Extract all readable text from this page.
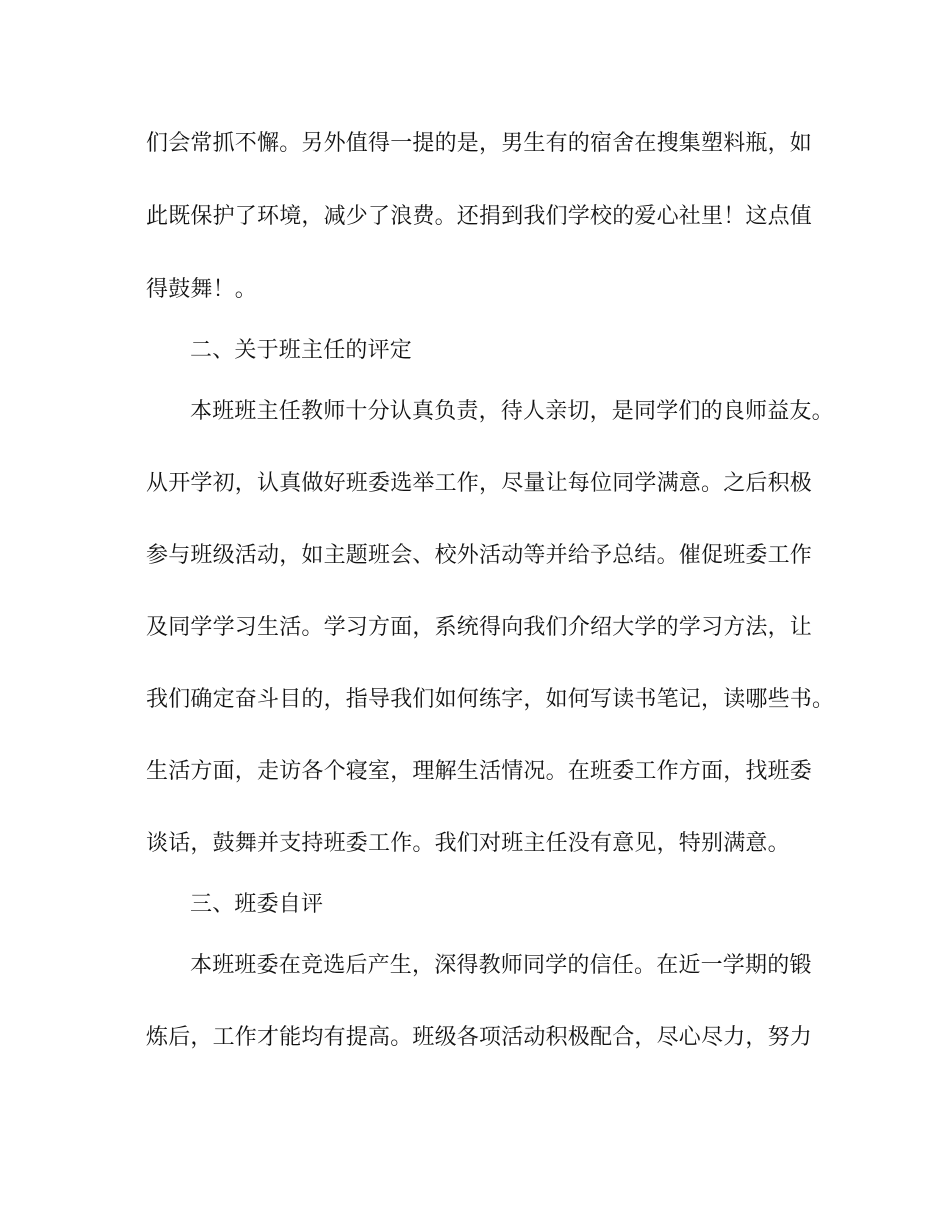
们会常抓不懈。另外值得一提的是，男生有的宿舍在搜集塑料瓶，如
此既保护了环境，减少了浪费。还捐到我们学校的爱心社里！这点值
得鼓舞！。
二、关于班主任的评定
本班班主任教师十分认真负责，待人亲切，是同学们的良师益友。
从开学初，认真做好班委选举工作，尽量让每位同学满意。之后积极
参与班级活动，如主题班会、校外活动等并给予总结。催促班委工作
及同学学习生活。学习方面，系统得向我们介绍大学的学习方法，让
我们确定奋斗目的，指导我们如何练字，如何写读书笔记，读哪些书。
生活方面，走访各个寝室，理解生活情况。在班委工作方面，找班委
谈话，鼓舞并支持班委工作。我们对班主任没有意见，特别满意。
三、班委自评
本班班委在竞选后产生，深得教师同学的信任。在近一学期的锻
炼后，工作才能均有提高。班级各项活动积极配合，尽心尽力，努力
